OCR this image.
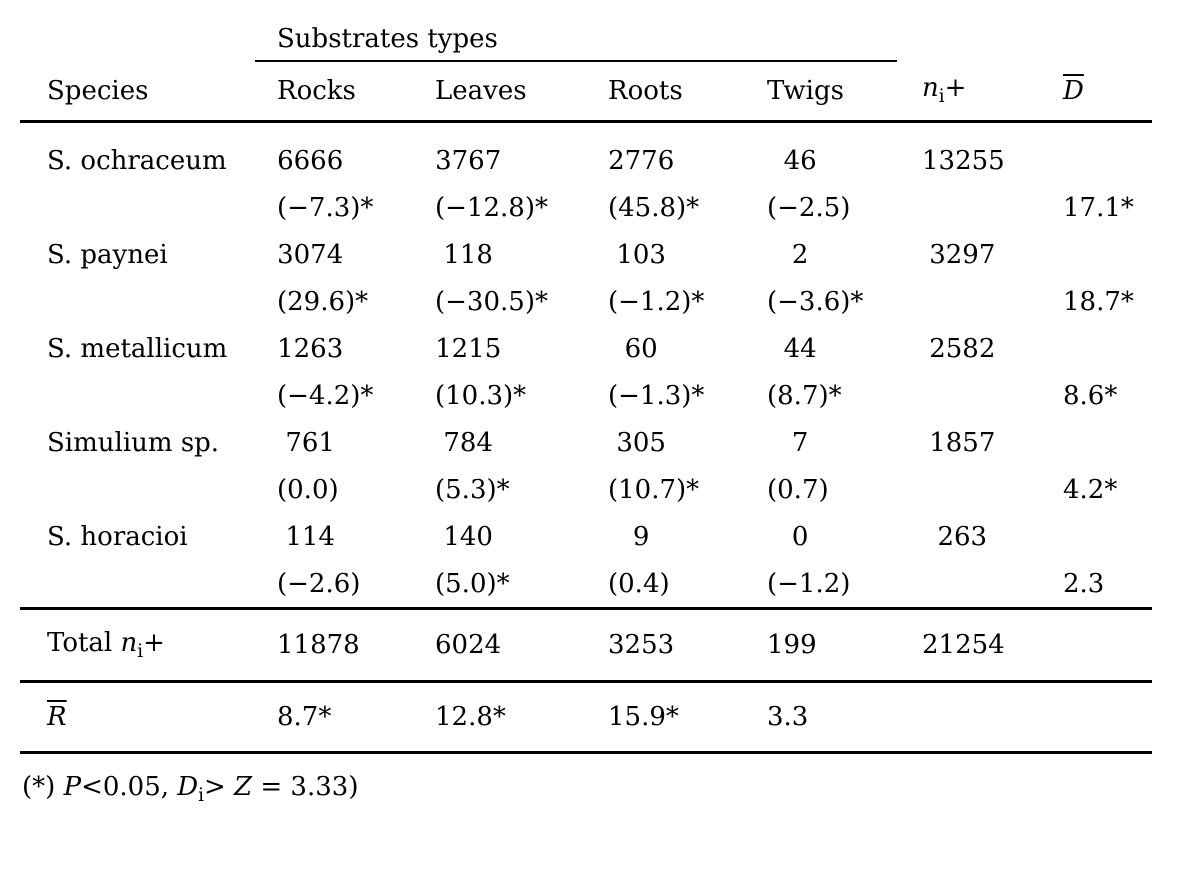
	Substrates types					
Species	Rocks	Leaves	Roots	Twigs	$n_i+$	$\overline{D}$
S. ochraceum	6666	3767	2776	46	13255	
	(−7.3)*	(−12.8)*	(45.8)*	(−2.5)		17.1*
S. paynei	3074	118	103	2	3297	
	(29.6)*	(−30.5)*	(−1.2)*	(−3.6)*		18.7*
S. metallicum	1263	1215	60	44	2582	
	(−4.2)*	(10.3)*	(−1.3)*	(8.7)*		8.6*
Simulium sp.	761	784	305	7	1857	
	(0.0)	(5.3)*	(10.7)*	(0.7)		4.2*
S. horacioi	114	140	9	0	263	
	(−2.6)	(5.0)*	(0.4)	(−1.2)		2.3
Total $n_i+$	11878	6024	3253	199	21254	
$\overline{R}$	8.7*	12.8*	15.9*	3.3		
(*) P<0.05, $D_i> Z = 3.33$)
